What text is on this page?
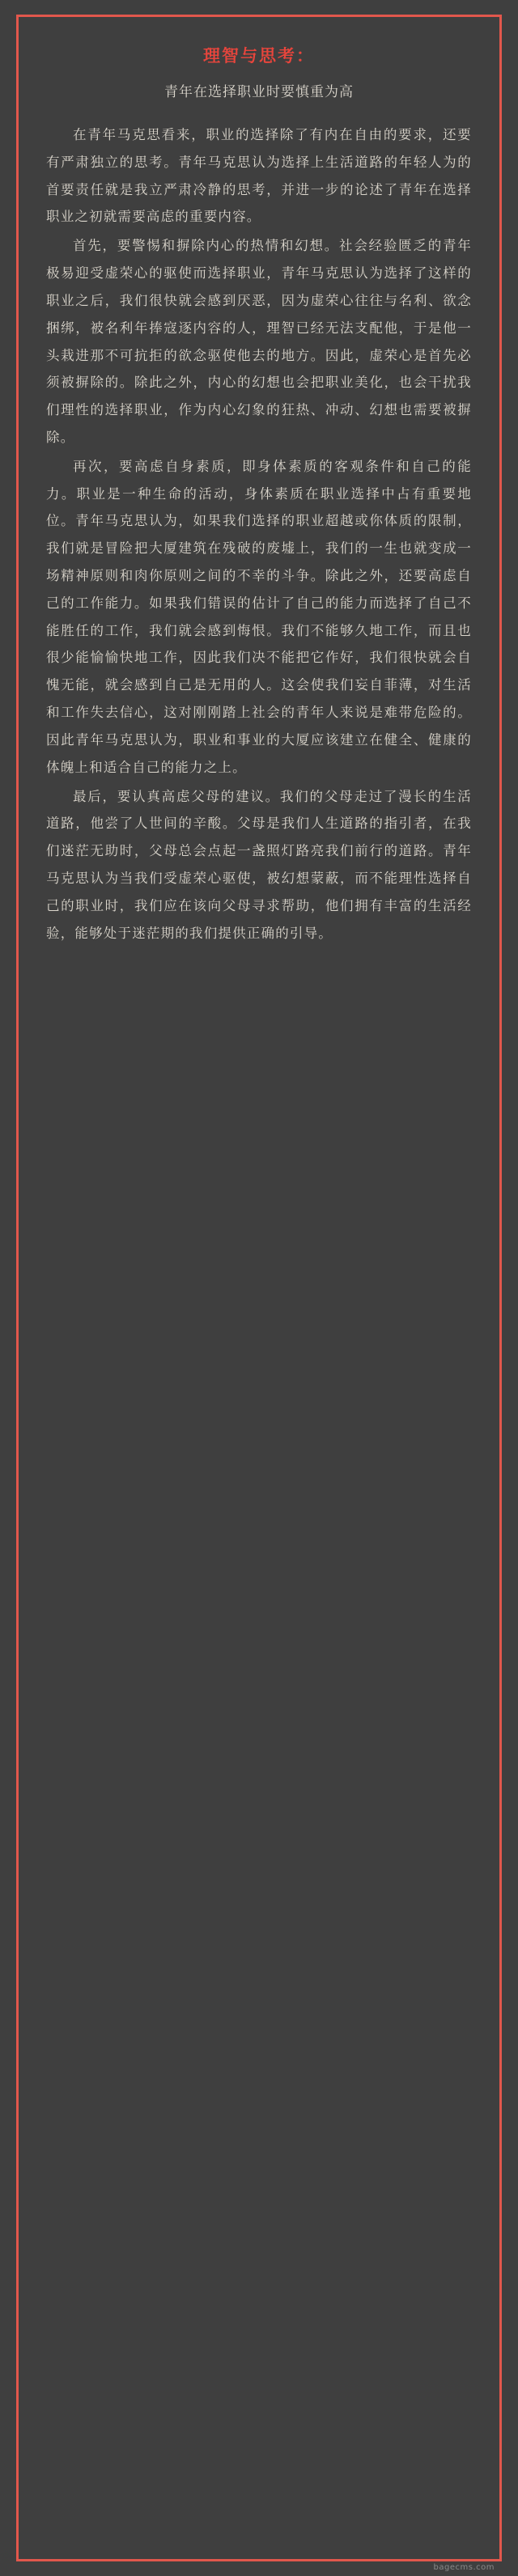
理智与思考：
青年在选择职业时要慎重为高

在青年马克思看来，职业的选择除了有内在自由的要求，还要有严肃独立的思考。青年马克思认为选择上生活道路的年轻人为的首要责任就是我立严肃冷静的思考，并进一步的论述了青年在选择职业之初就需要高虑的重要内容。

首先，要警惕和摒除内心的热情和幻想。社会经验匮乏的青年极易迎受虚荣心的驱使而选择职业，青年马克思认为选择了这样的职业之后，我们很快就会感到厌恶，因为虚荣心往往与名利、欲念捆绑，被名利年捧寇逐内容的人，理智已经无法支配他，于是他一头栽进那不可抗拒的欲念驱使他去的地方。因此，虚荣心是首先必须被摒除的。除此之外，内心的幻想也会把职业美化，也会干扰我们理性的选择职业，作为内心幻象的狂热、冲动、幻想也需要被摒除。

再次，要高虑自身素质，即身体素质的客观条件和自己的能力。职业是一种生命的活动，身体素质在职业选择中占有重要地位。青年马克思认为，如果我们选择的职业超越或你体质的限制，我们就是冒险把大厦建筑在残破的废墟上，我们的一生也就变成一场精神原则和肉你原则之间的不幸的斗争。除此之外，还要高虑自己的工作能力。如果我们错误的估计了自己的能力而选择了自己不能胜任的工作，我们就会感到悔恨。我们不能够久地工作，而且也很少能愉愉快地工作，因此我们决不能把它作好，我们很快就会自愧无能，就会感到自己是无用的人。这会使我们妄自菲薄，对生活和工作失去信心，这对刚刚踏上社会的青年人来说是难带危险的。因此青年马克思认为，职业和事业的大厦应该建立在健全、健康的体魄上和适合自己的能力之上。

最后，要认真高虑父母的建议。我们的父母走过了漫长的生活道路，他尝了人世间的辛酸。父母是我们人生道路的指引者，在我们迷茫无助时，父母总会点起一盏照灯路亮我们前行的道路。青年马克思认为当我们受虚荣心驱使，被幻想蒙蔽，而不能理性选择自己的职业时，我们应在该向父母寻求帮助，他们拥有丰富的生活经验，能够处于迷茫期的我们提供正确的引导。

bagecms.com
